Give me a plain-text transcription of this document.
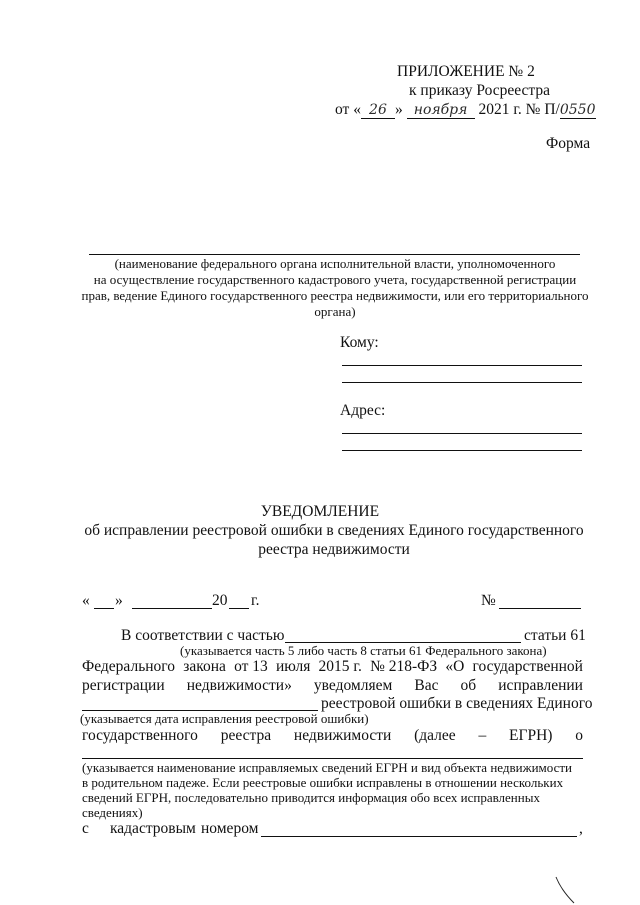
ПРИЛОЖЕНИЕ № 2
к приказу Росреестра
от « 26 » ноября 2021 г. № П/0550
Форма
(наименование федерального органа исполнительной власти, уполномоченного
на осуществление государственного кадастрового учета, государственной регистрации
прав, ведение Единого государственного реестра недвижимости, или его территориального
органа)
Кому:
Адрес:
УВЕДОМЛЕНИЕ
об исправлении реестровой ошибки в сведениях Единого государственного
реестра недвижимости
« »	20 г.	№
В соответствии с частью	статьи 61
(указывается часть 5 либо часть 8 статьи 61 Федерального закона)
Федерального закона от 13 июля 2015 г. № 218-ФЗ «О государственной
регистрации недвижимости» уведомляем Вас об исправлении
реестровой ошибки в сведениях Единого
(указывается дата исправления реестровой ошибки)
государственного реестра недвижимости (далее – ЕГРН) о
(указывается наименование исправляемых сведений ЕГРН и вид объекта недвижимости
в родительном падеже. Если реестровые ошибки исправлены в отношении нескольких
сведений ЕГРН, последовательно приводится информация обо всех исправленных
сведениях)
с кадастровым номером	,
